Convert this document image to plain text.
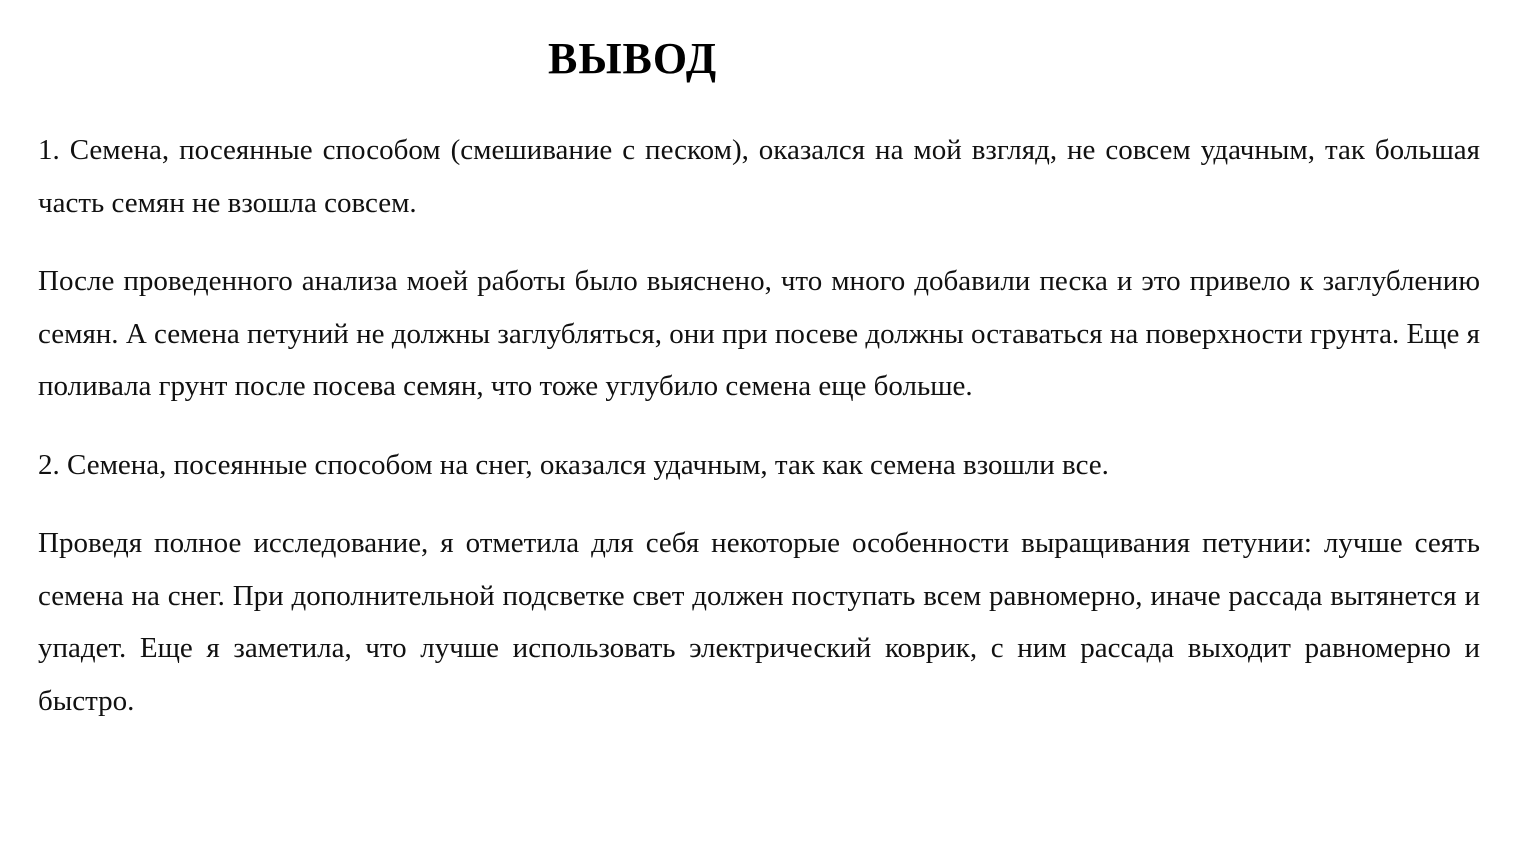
ВЫВОД

1. Семена, посеянные способом (смешивание с песком), оказался на мой взгляд, не совсем удачным, так большая часть семян не взошла совсем.

После проведенного анализа моей работы было выяснено, что много добавили песка и это привело к заглублению семян. А семена петуний не должны заглубляться, они при посеве должны оставаться на поверхности грунта. Еще я поливала грунт после посева семян, что тоже углубило семена еще больше.

2. Семена, посеянные способом на снег, оказался удачным, так как семена взошли все.

Проведя полное исследование, я отметила для себя некоторые особенности выращивания петунии: лучше сеять семена на снег. При дополнительной подсветке свет должен поступать всем равномерно, иначе рассада вытянется и упадет. Еще я заметила, что лучше использовать электрический коврик, с ним рассада выходит равномерно и быстро.
